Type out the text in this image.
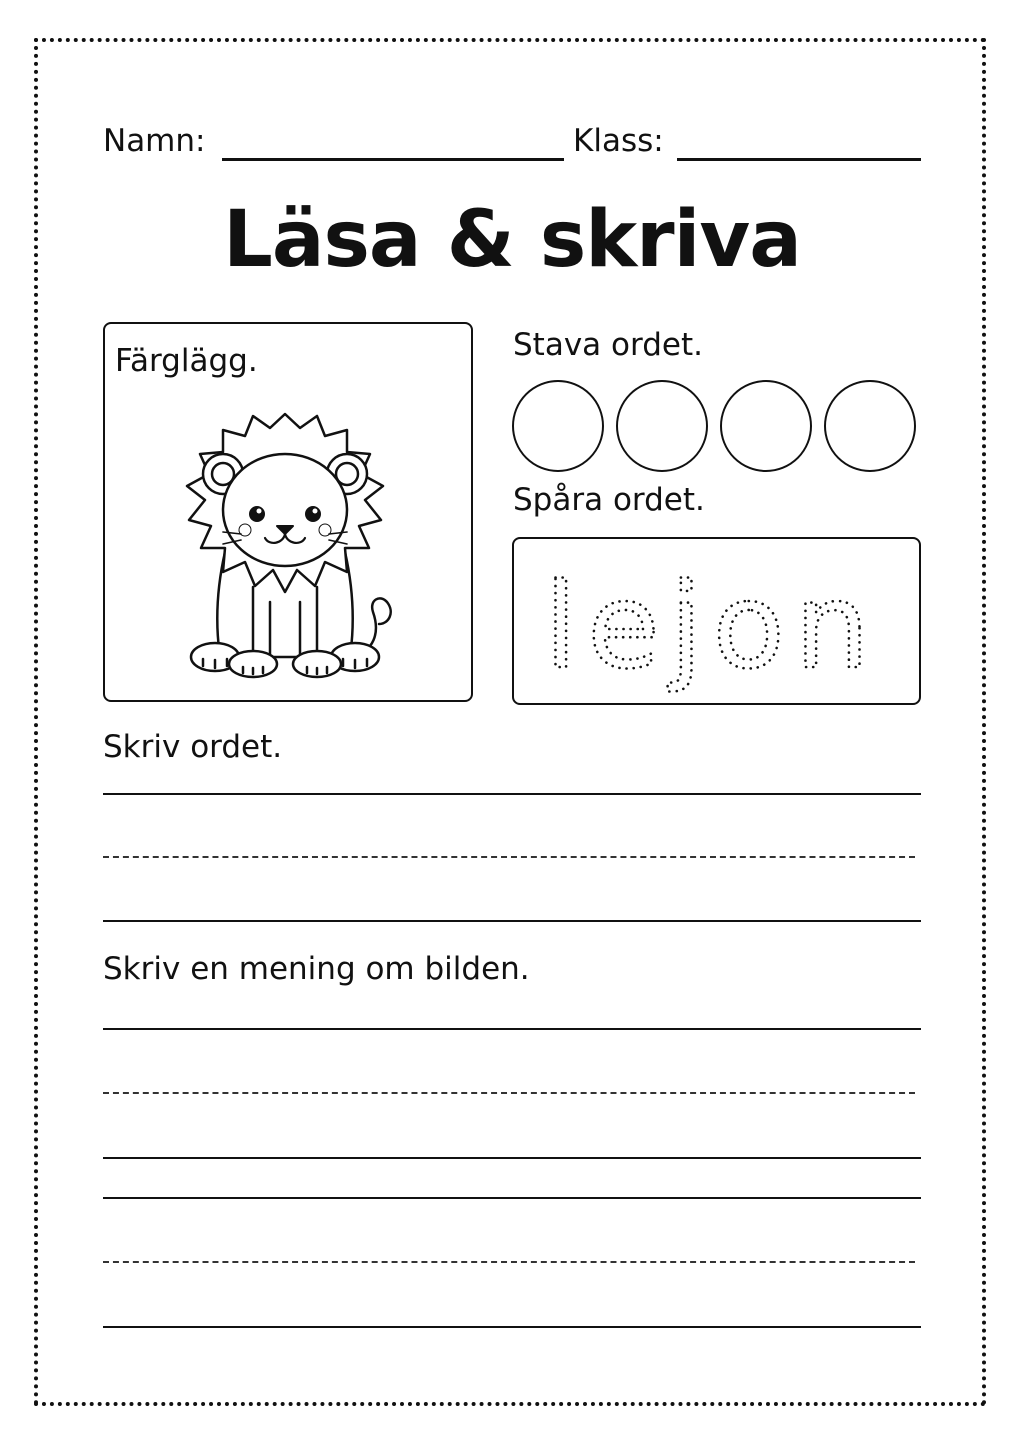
Namn:	Klass:
Läsa & skriva
Färglägg.	Stava ordet.
Spåra ordet.
lejon
Skriv ordet.
Skriv en mening om bilden.
